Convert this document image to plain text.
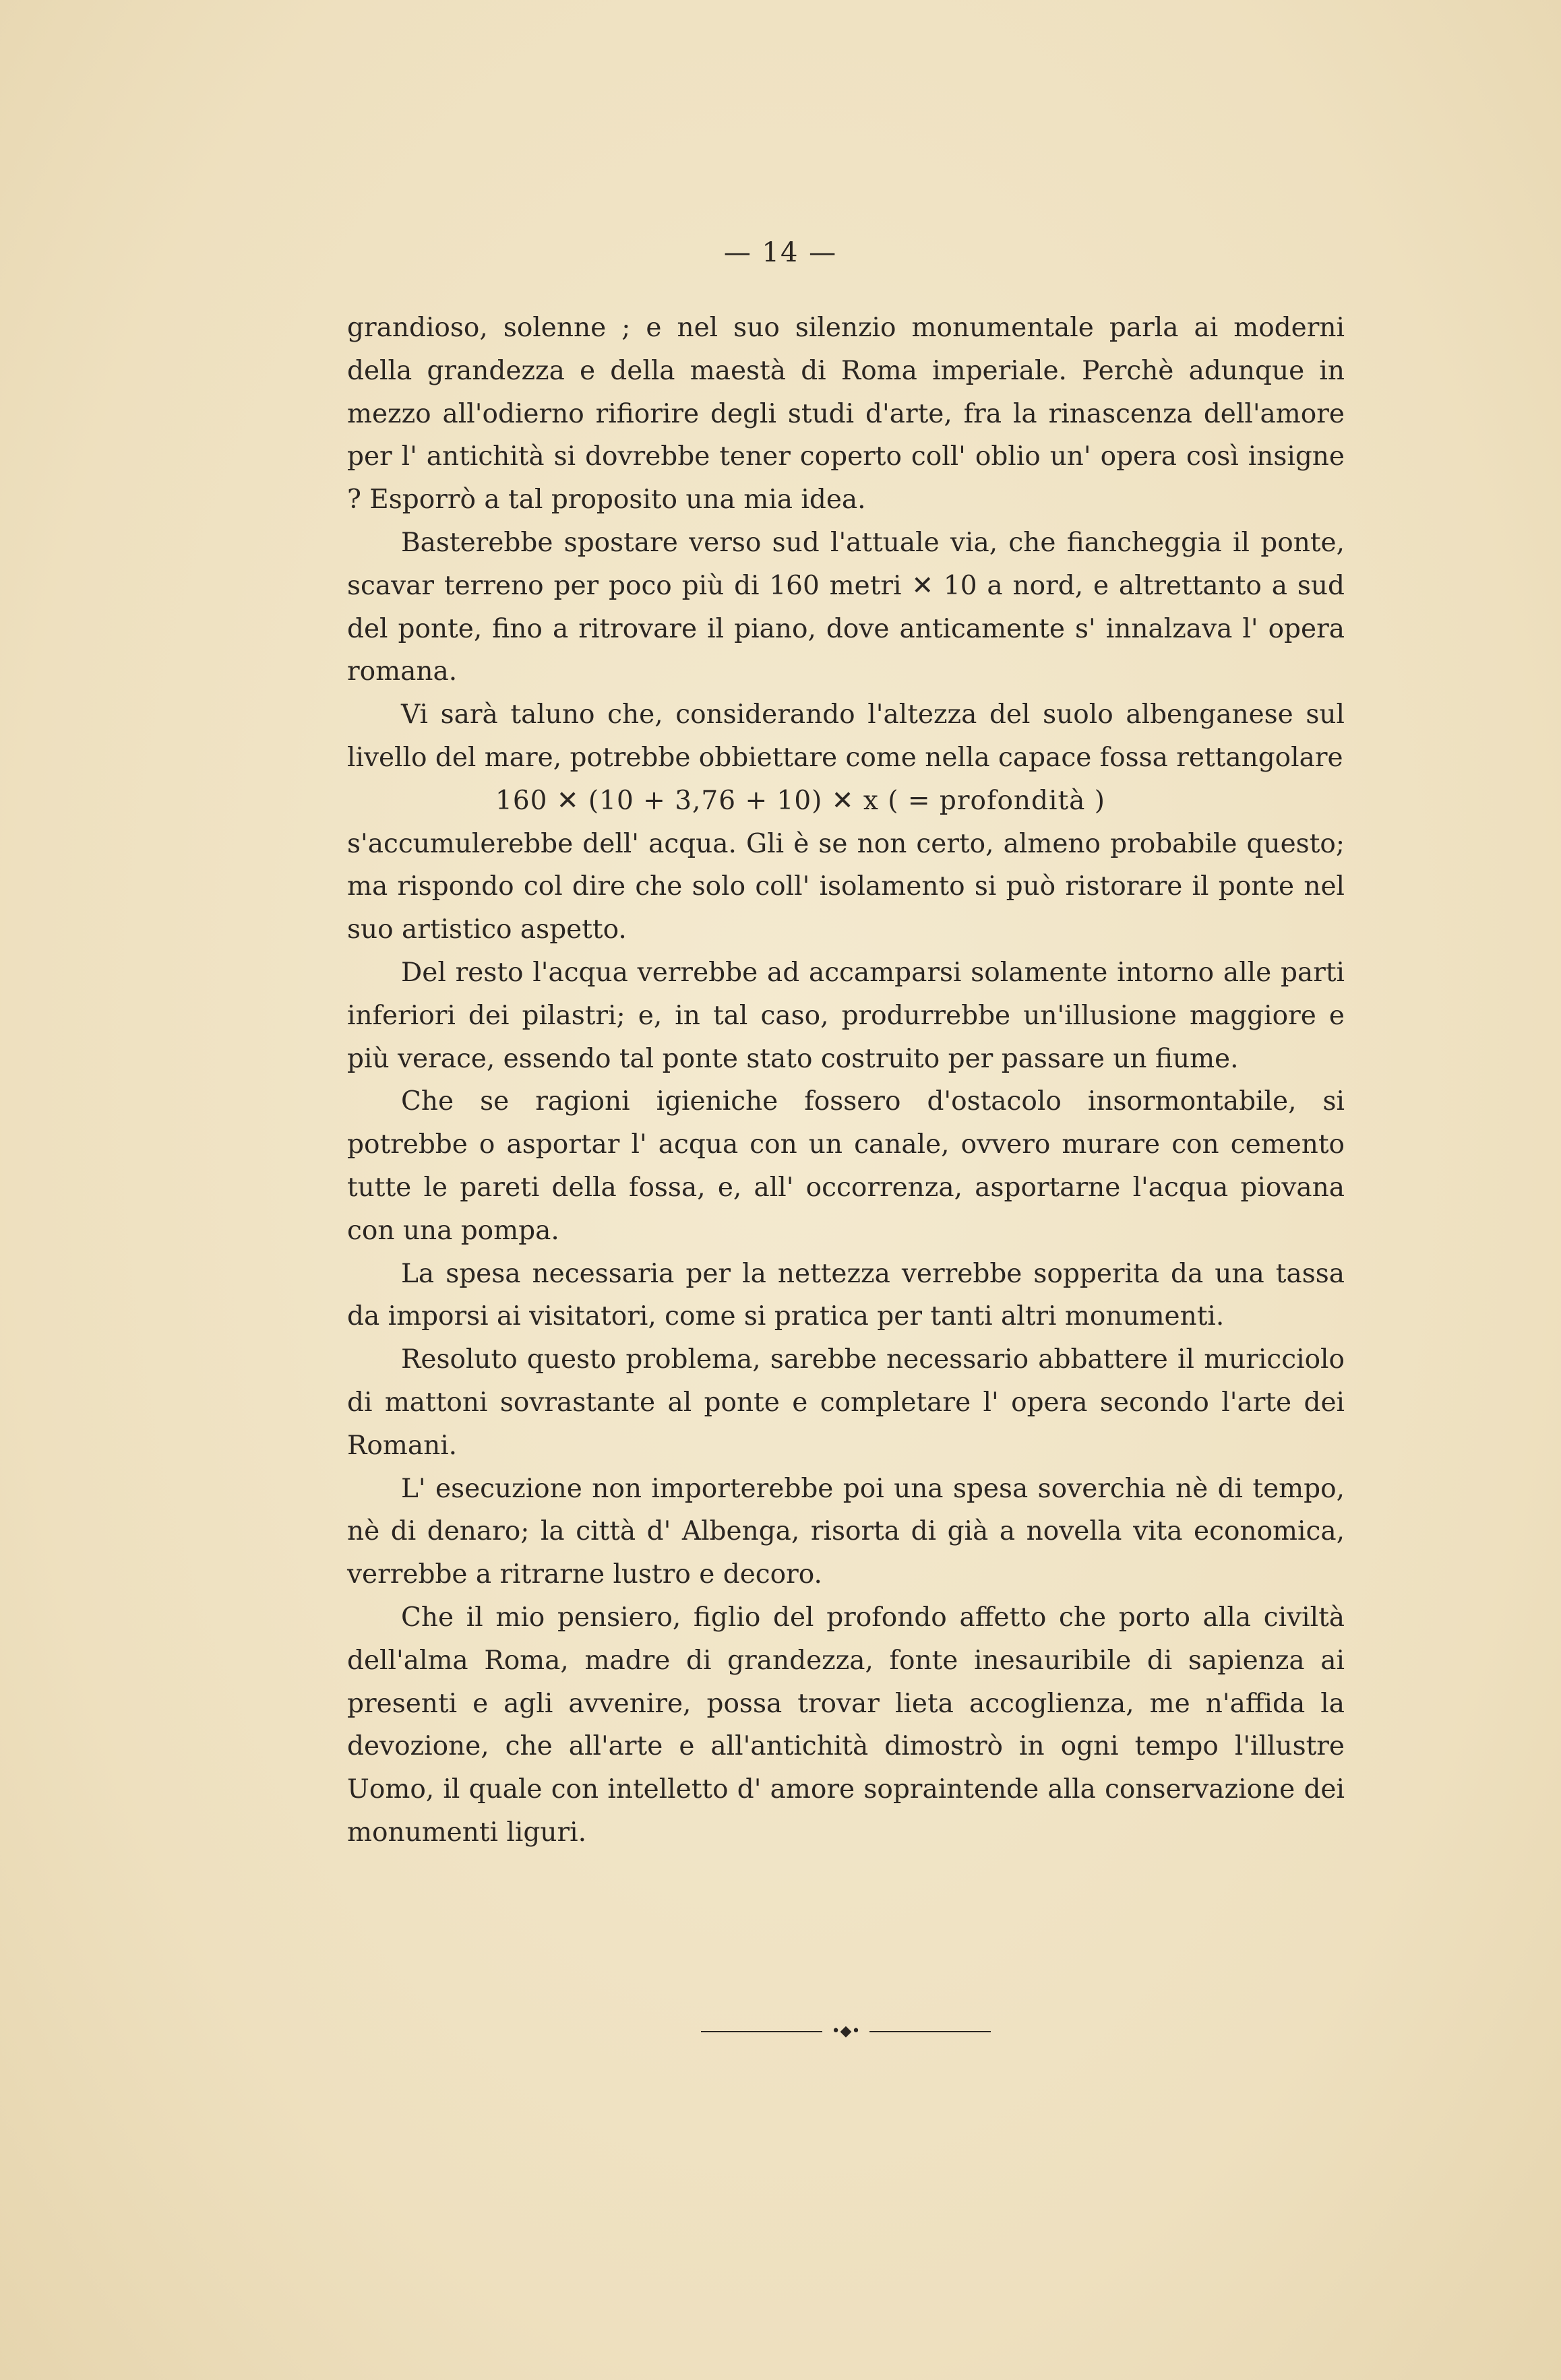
— 14 —

grandioso, solenne ; e nel suo silenzio monumentale parla ai moderni della grandezza e della maestà di Roma imperiale. Perchè adunque in mezzo all'odierno rifiorire degli studi d'arte, fra la rinascenza dell'amore per l' antichità si dovrebbe tener coperto coll' oblio un' opera così insigne ? Esporrò a tal proposito una mia idea.

Basterebbe spostare verso sud l'attuale via, che fiancheggia il ponte, scavar terreno per poco più di 160 metri ✕ 10 a nord, e altrettanto a sud del ponte, fino a ritrovare il piano, dove anticamente s' innalzava l' opera romana.

Vi sarà taluno che, considerando l'altezza del suolo albenganese sul livello del mare, potrebbe obbiettare come nella capace fossa rettangolare

160 ✕ (10 + 3,76 + 10) ✕ x ( = profondità )

s'accumulerebbe dell' acqua. Gli è se non certo, almeno probabile questo; ma rispondo col dire che solo coll' isolamento si può ristorare il ponte nel suo artistico aspetto.

Del resto l'acqua verrebbe ad accamparsi solamente intorno alle parti inferiori dei pilastri; e, in tal caso, produrrebbe un'illusione maggiore e più verace, essendo tal ponte stato costruito per passare un fiume.

Che se ragioni igieniche fossero d'ostacolo insormontabile, si potrebbe o asportar l' acqua con un canale, ovvero murare con cemento tutte le pareti della fossa, e, all' occorrenza, asportarne l'acqua piovana con una pompa.

La spesa necessaria per la nettezza verrebbe sopperita da una tassa da imporsi ai visitatori, come si pratica per tanti altri monumenti.

Resoluto questo problema, sarebbe necessario abbattere il muricciolo di mattoni sovrastante al ponte e completare l' opera secondo l'arte dei Romani.

L' esecuzione non importerebbe poi una spesa soverchia nè di tempo, nè di denaro; la città d' Albenga, risorta di già a novella vita economica, verrebbe a ritrarne lustro e decoro.

Che il mio pensiero, figlio del profondo affetto che porto alla civiltà dell'alma Roma, madre di grandezza, fonte inesauribile di sapienza ai presenti e agli avvenire, possa trovar lieta accoglienza, me n'affida la devozione, che all'arte e all'antichità dimostrò in ogni tempo l'illustre Uomo, il quale con intelletto d' amore sopraintende alla conservazione dei monumenti liguri.

•◆•
